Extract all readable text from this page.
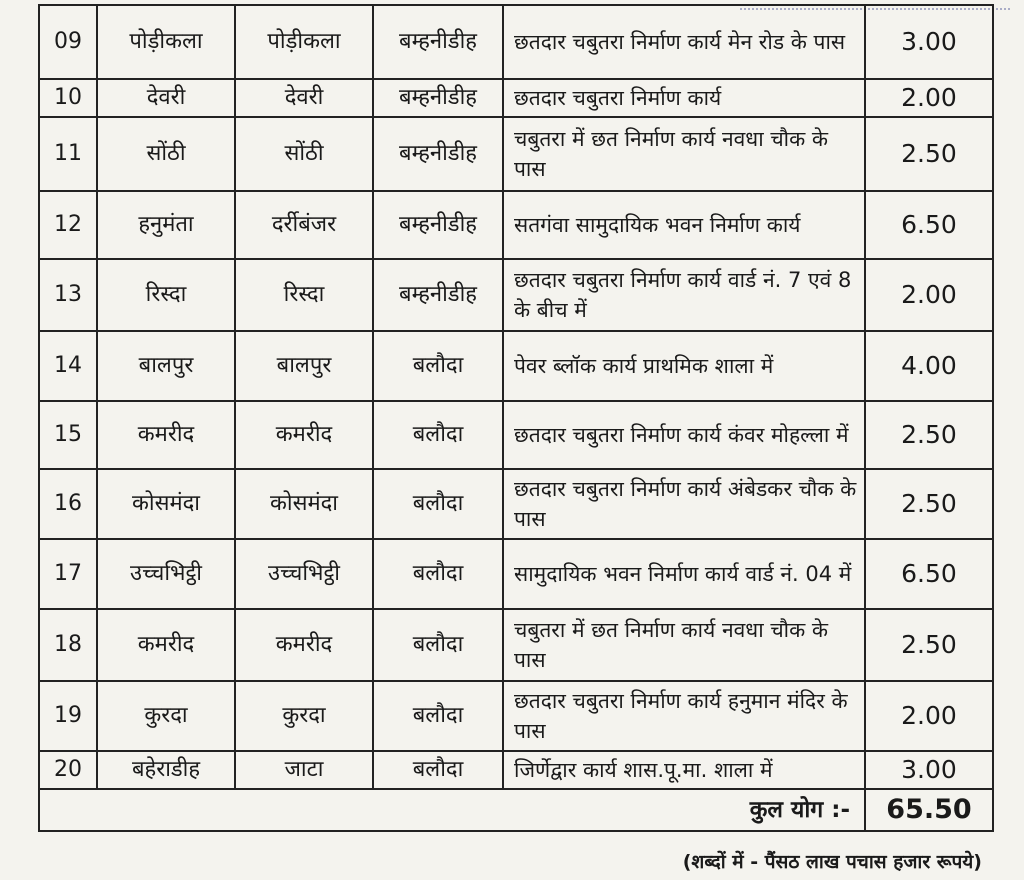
09	पोड़ीकला	पोड़ीकला	बम्हनीडीह	छतदार चबुतरा निर्माण कार्य मेन रोड के पास	3.00
10	देवरी	देवरी	बम्हनीडीह	छतदार चबुतरा निर्माण कार्य	2.00
11	सोंठी	सोंठी	बम्हनीडीह	चबुतरा में छत निर्माण कार्य नवधा चौक के पास	2.50
12	हनुमंता	दर्रीबंजर	बम्हनीडीह	सतगंवा सामुदायिक भवन निर्माण कार्य	6.50
13	रिस्दा	रिस्दा	बम्हनीडीह	छतदार चबुतरा निर्माण कार्य वार्ड नं. 7 एवं 8 के बीच में	2.00
14	बालपुर	बालपुर	बलौदा	पेवर ब्लॉक कार्य प्राथमिक शाला में	4.00
15	कमरीद	कमरीद	बलौदा	छतदार चबुतरा निर्माण कार्य कंवर मोहल्ला में	2.50
16	कोसमंदा	कोसमंदा	बलौदा	छतदार चबुतरा निर्माण कार्य अंबेडकर चौक के पास	2.50
17	उच्चभिट्ठी	उच्चभिट्ठी	बलौदा	सामुदायिक भवन निर्माण कार्य वार्ड नं. 04 में	6.50
18	कमरीद	कमरीद	बलौदा	चबुतरा में छत निर्माण कार्य नवधा चौक के पास	2.50
19	कुरदा	कुरदा	बलौदा	छतदार चबुतरा निर्माण कार्य हनुमान मंदिर के पास	2.00
20	बहेराडीह	जाटा	बलौदा	जिर्णेद्वार कार्य शास.पू.मा. शाला में	3.00
कुल योग :-					65.50
(शब्दों में - पैंसठ लाख पचास हजार रूपये)
